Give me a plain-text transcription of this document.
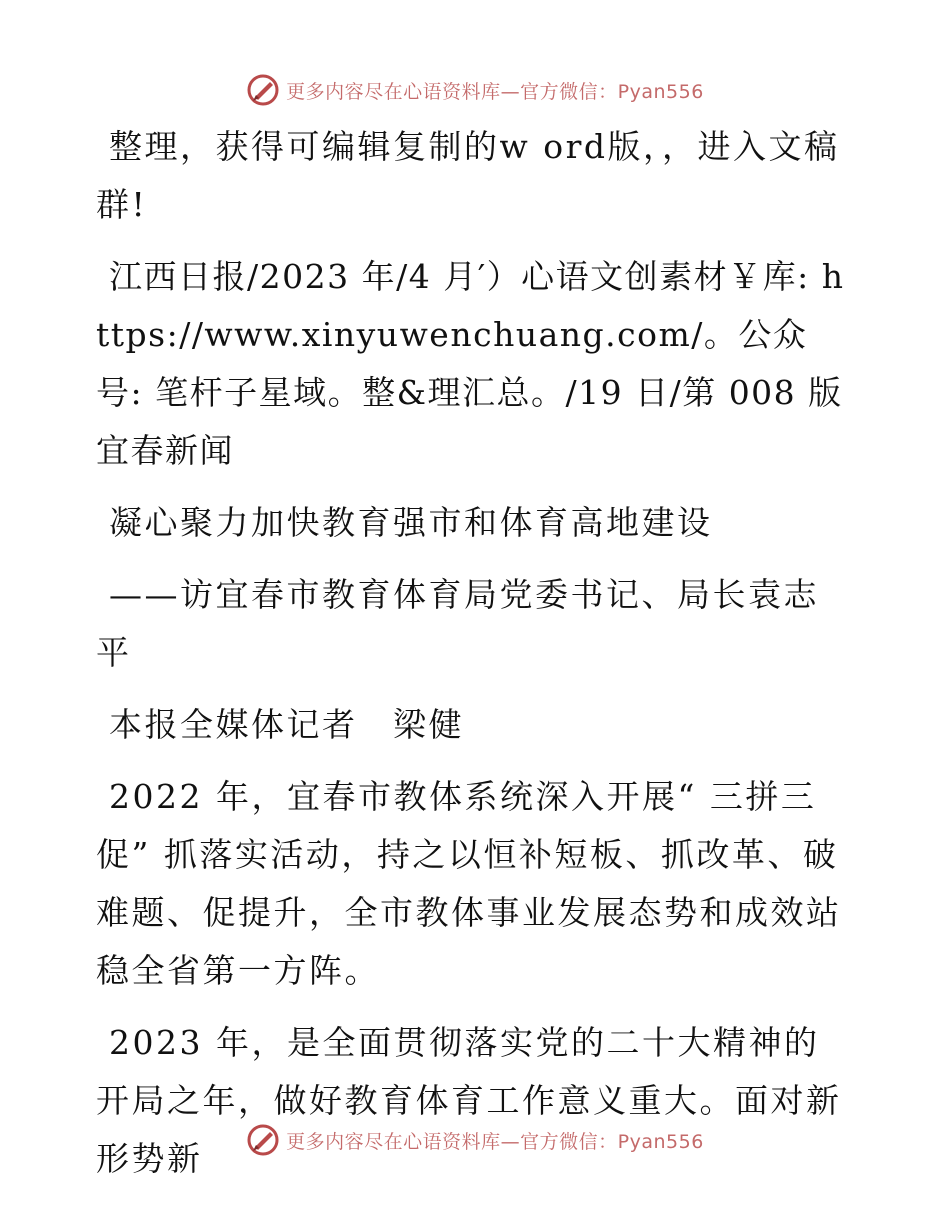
更多内容尽在心语资料库—官方微信：Pyan556

整理，获得可编辑复制的w ord版，，进入文稿群!

江西日报/2023 年/4 月′）心语文创素材￥库: https://www.xinyuwenchuang.com/。公众号: 笔杆子星域。整&理汇总。/19 日/第 008 版宜春新闻

凝心聚力加快教育强市和体育高地建设

——访宜春市教育体育局党委书记、局长袁志平

本报全媒体记者　梁健

2022 年，宜春市教体系统深入开展“ 三拼三促” 抓落实活动，持之以恒补短板、抓改革、破难题、促提升，全市教体事业发展态势和成效站稳全省第一方阵。

2023 年，是全面贯彻落实党的二十大精神的开局之年，做好教育体育工作意义重大。面对新形势新	更多内容尽在心语资料库—官方微信：Pyan556
